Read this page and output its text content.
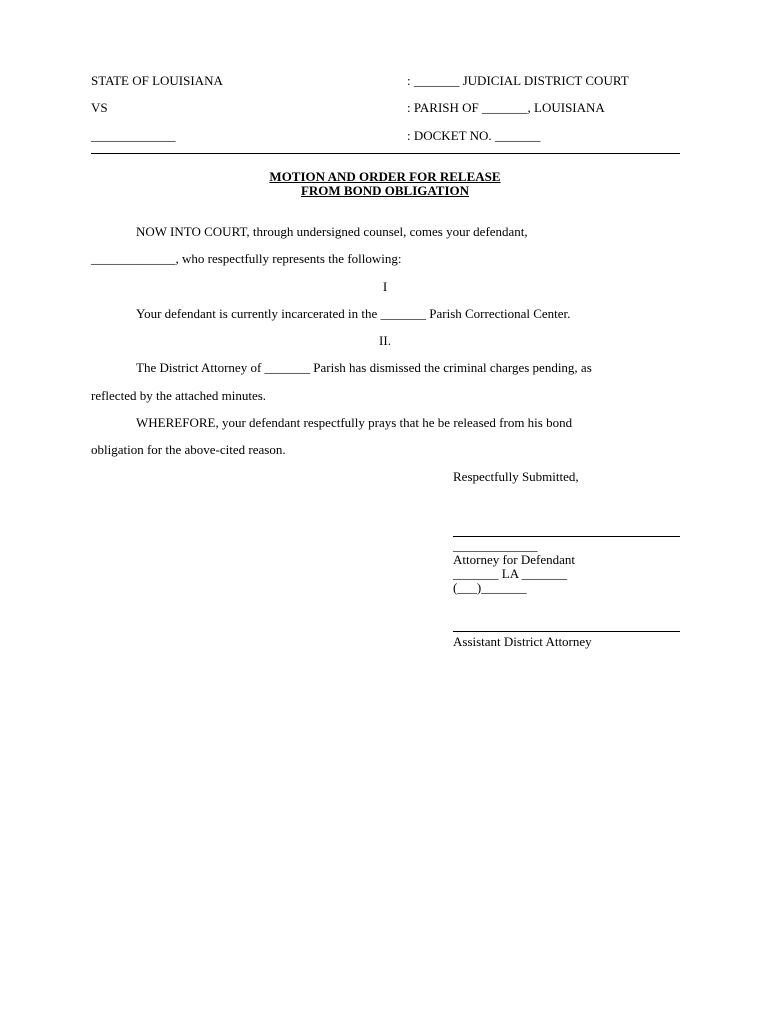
STATE OF LOUISIANA	: _______ JUDICIAL DISTRICT COURT
VS	: PARISH OF _______, LOUISIANA
_____________	: DOCKET NO. _______
MOTION AND ORDER FOR RELEASE
FROM BOND OBLIGATION
NOW INTO COURT, through undersigned counsel, comes your defendant,
_____________, who respectfully represents the following:
I
Your defendant is currently incarcerated in the _______ Parish Correctional Center.
II.
The District Attorney of _______ Parish has dismissed the criminal charges pending, as
reflected by the attached minutes.
WHEREFORE, your defendant respectfully prays that he be released from his bond
obligation for the above-cited reason.
Respectfully Submitted,
_____________
Attorney for Defendant
_______ LA _______
(___)_______
Assistant District Attorney
